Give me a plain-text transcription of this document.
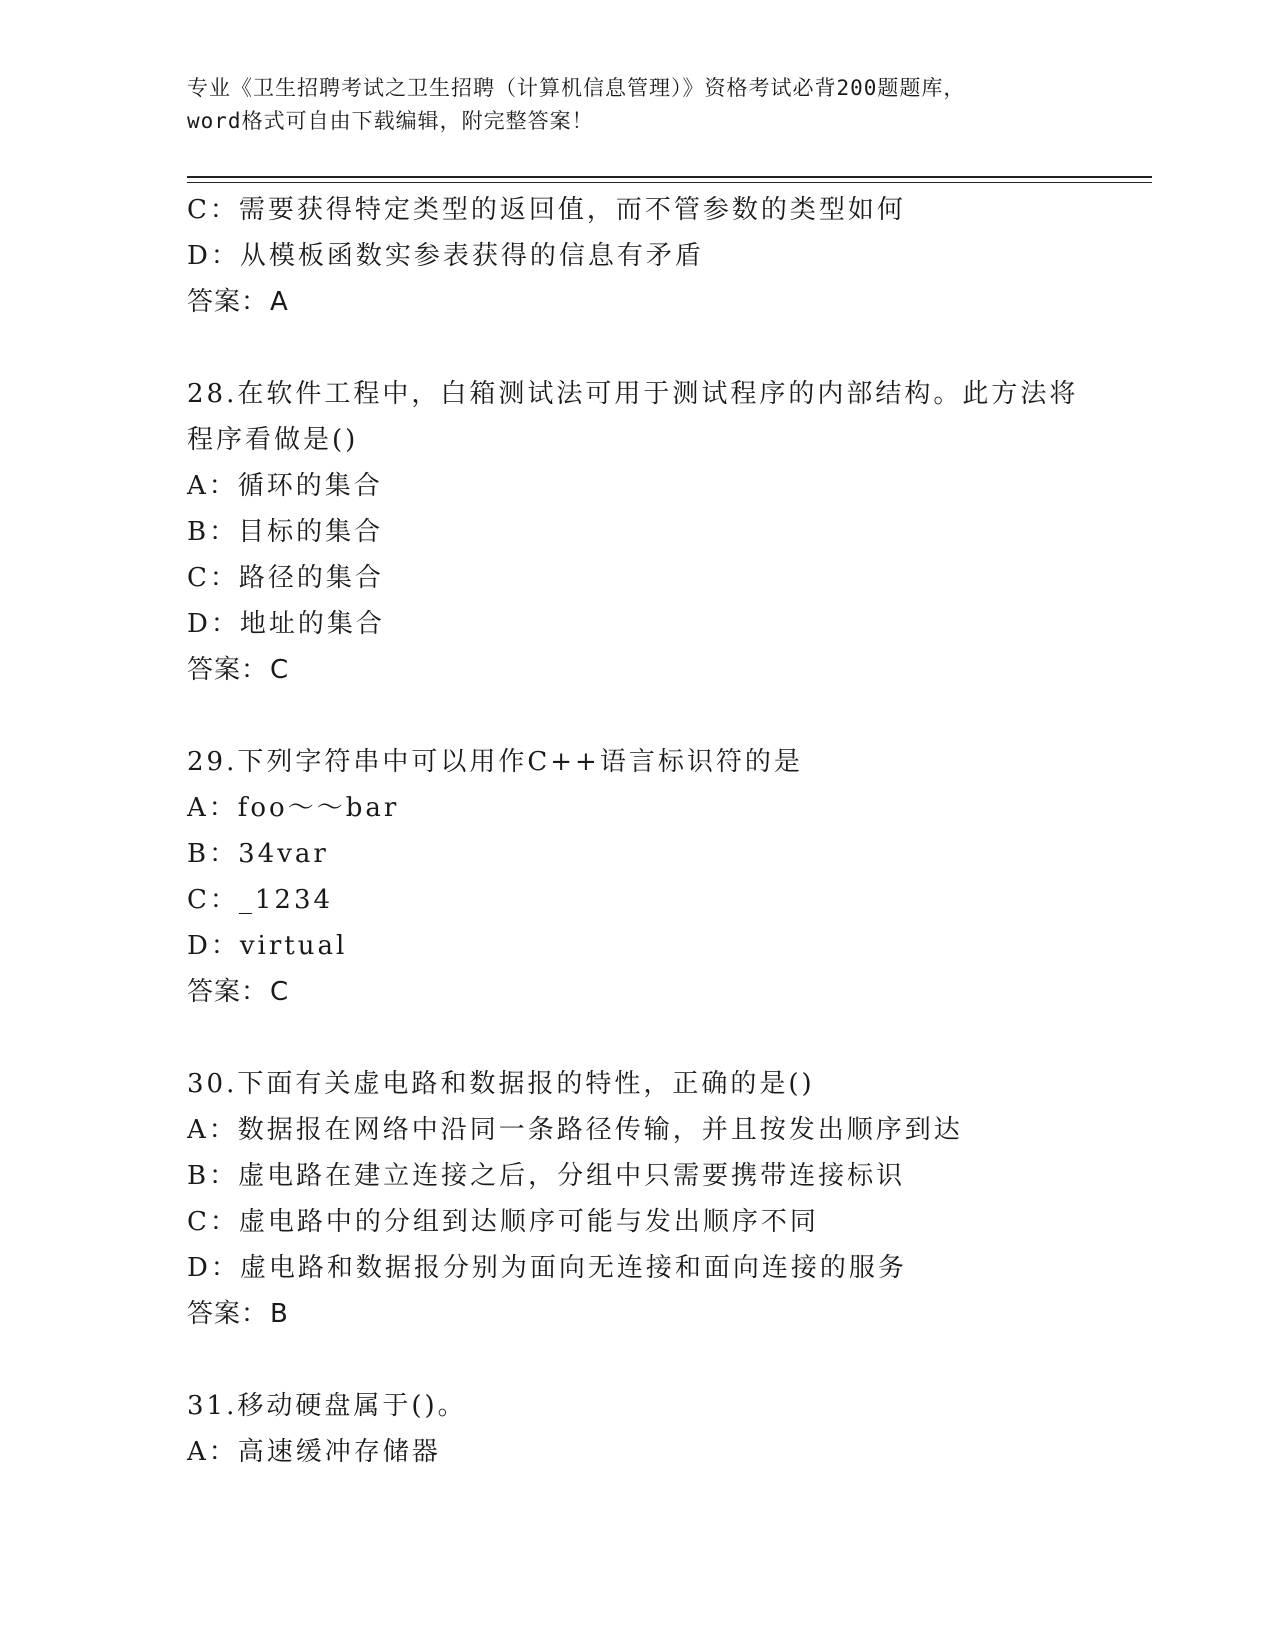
专业《卫生招聘考试之卫生招聘（计算机信息管理）》资格考试必背200题题库，
word格式可自由下载编辑，附完整答案！
C：需要获得特定类型的返回值，而不管参数的类型如何
D：从模板函数实参表获得的信息有矛盾
答案：A
28.在软件工程中，白箱测试法可用于测试程序的内部结构。此方法将
程序看做是()
A：循环的集合
B：目标的集合
C：路径的集合
D：地址的集合
答案：C
29.下列字符串中可以用作C++语言标识符的是
A：foo～～bar
B：34var
C：_1234
D：virtual
答案：C
30.下面有关虚电路和数据报的特性，正确的是()
A：数据报在网络中沿同一条路径传输，并且按发出顺序到达
B：虚电路在建立连接之后，分组中只需要携带连接标识
C：虚电路中的分组到达顺序可能与发出顺序不同
D：虚电路和数据报分别为面向无连接和面向连接的服务
答案：B
31.移动硬盘属于()。
A：高速缓冲存储器
